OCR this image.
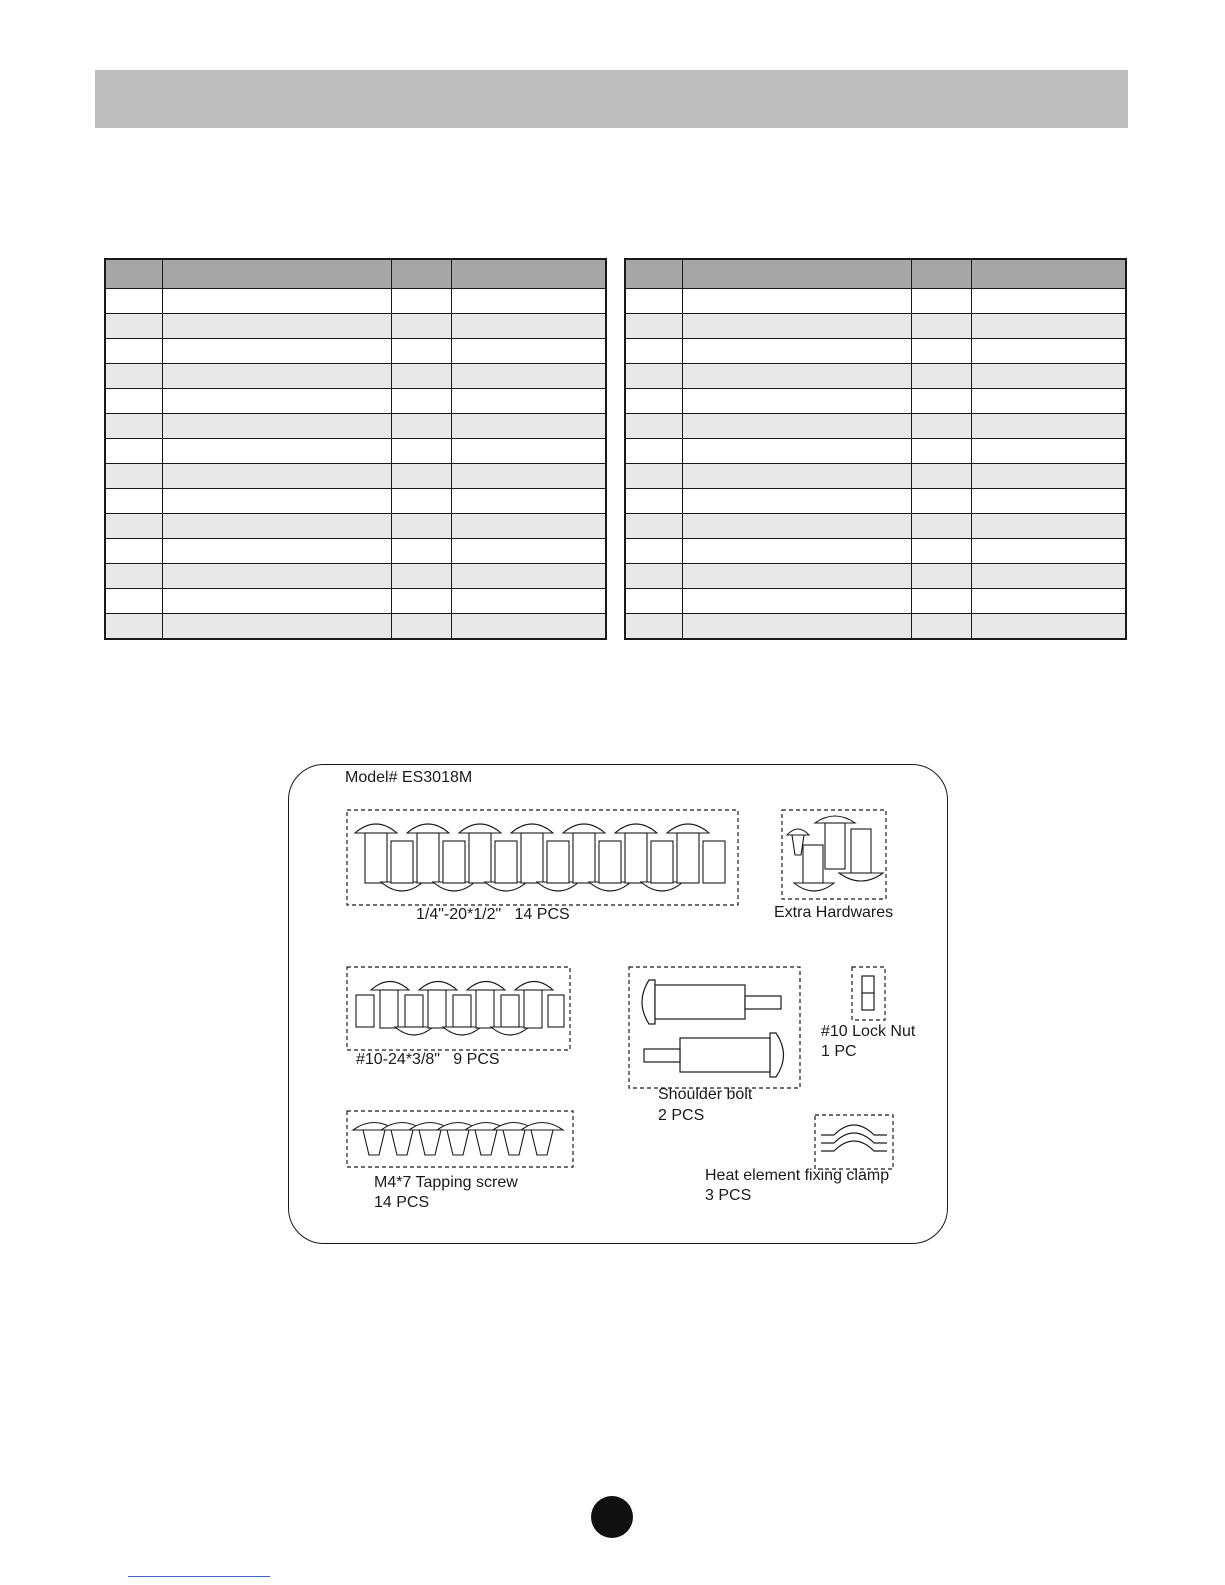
Model# ES3018M
1/4"-20*1/2"   14 PCS	Extra Hardwares
#10-24*3/8"   9 PCS
#10 Lock Nut
1 PC
Shoulder bolt
2 PCS
M4*7 Tapping screw
14 PCS
Heat element fixing clamp
3 PCS
